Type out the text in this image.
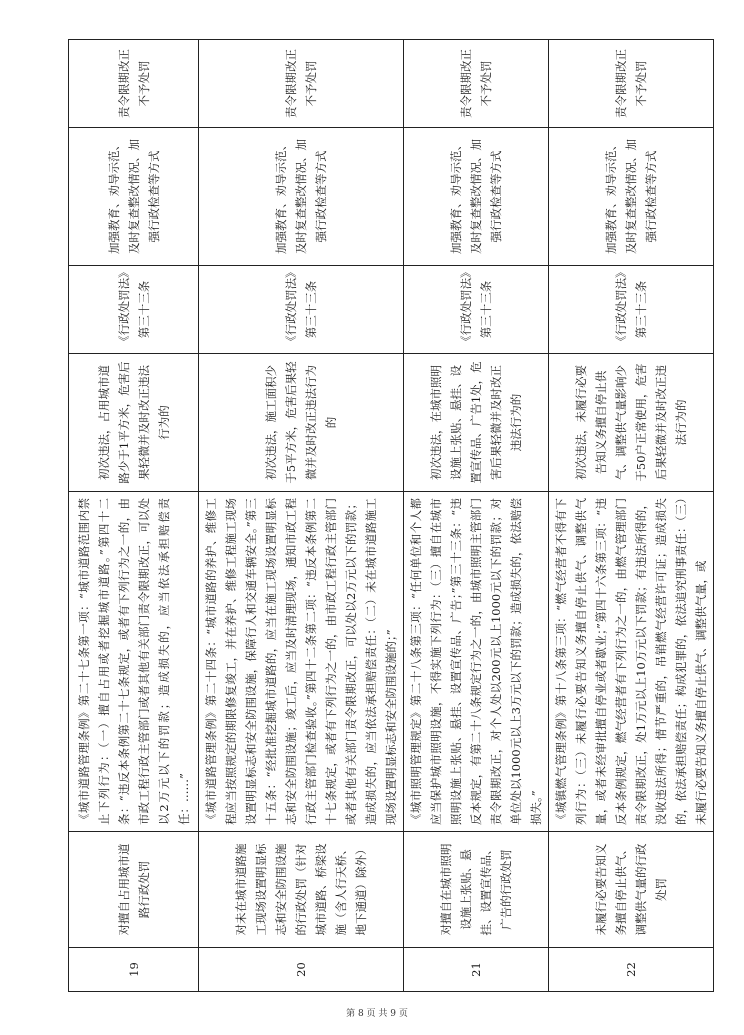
19	对擅自占用城市道路行政处罚	《城市道路管理条例》第二十七条第一项：“城市道路范围内禁止下列行为：（一）擅自占用或者挖掘城市道路。”第四十二条：“违反本条例第二十七条规定，或者有下列行为之一的，由市政工程行政主管部门或者其他有关部门责令限期改正，可以处以2万元以下的罚款；造成损失的，应当依法承担赔偿责任：……”	初次违法，占用城市道路少于1平方米，危害后果轻微并及时改正违法行为的	《行政处罚法》第三十三条	加强教育、劝导示范、及时复查整改情况、加强行政检查等方式	责令限期改正不予处罚
20	对未在城市道路施工现场设置明显标志和安全防围设施的行政处罚（针对城市道路、桥梁设施（含人行天桥、地下通道）除外）	《城市道路管理条例》第二十四条：“城市道路的养护、维修工程应当按照规定的期限修复竣工，并在养护、维修工程施工现场设置明显标志和安全防围设施，保障行人和交通车辆安全。”第三十五条：“经批准挖掘城市道路的，应当在施工现场设置明显标志和安全防围设施；竣工后，应当及时清理现场，通知市政工程行政主管部门检查验收。”第四十二条第二项：“违反本条例第二十七条规定，或者有下列行为之一的，由市政工程行政主管部门或者其他有关部门责令限期改正，可以处以2万元以下的罚款；造成损失的，应当依法承担赔偿责任：（二）未在城市道路施工现场设置明显标志和安全防围设施的；”	初次违法，施工面积少于5平方米，危害后果轻微并及时改正违法行为的	《行政处罚法》第三十三条	加强教育、劝导示范、及时复查整改情况、加强行政检查等方式	责令限期改正不予处罚
21	对擅自在城市照明设施上张贴、悬挂、设置宣传品、广告的行政处罚	《城市照明管理规定》第二十八条第三项：“任何单位和个人都应当保护城市照明设施，不得实施下列行为：（三）擅自在城市照明设施上张贴、悬挂、设置宣传品、广告；”第三十三条：“违反本规定，有第二十八条规定行为之一的，由城市照明主管部门责令限期改正，对个人处以200元以上1000元以下的罚款；对单位处以1000元以上3万元以下的罚款；造成损失的，依法赔偿损失。”	初次违法，在城市照明设施上张贴、悬挂、设置宣传品、广告1处，危害后果轻微并及时改正违法行为的	《行政处罚法》第三十三条	加强教育、劝导示范、及时复查整改情况、加强行政检查等方式	责令限期改正不予处罚
22	未履行必要告知义务擅自停止供气、调整供气量的行政处罚	《城镇燃气管理条例》第十八条第三项：“燃气经营者不得有下列行为：（三）未履行必要告知义务擅自停止供气、调整供气量，或者未经审批擅自停业或者歇业；”第四十六条第三项：“违反本条例规定，燃气经营者有下列行为之一的，由燃气管理部门责令限期改正，处1万元以上10万元以下罚款；有违法所得的，没收违法所得；情节严重的，吊销燃气经营许可证；造成损失的，依法承担赔偿责任；构成犯罪的，依法追究刑事责任：（三）未履行必要告知义务擅自停止供气、调整供气量，或	初次违法，未履行必要告知义务擅自停止供气、调整供气量影响少于50户正常使用，危害后果轻微并及时改正违法行为的	《行政处罚法》第三十三条	加强教育、劝导示范、及时复查整改情况、加强行政检查等方式	责令限期改正不予处罚
第 8 页 共 9 页
